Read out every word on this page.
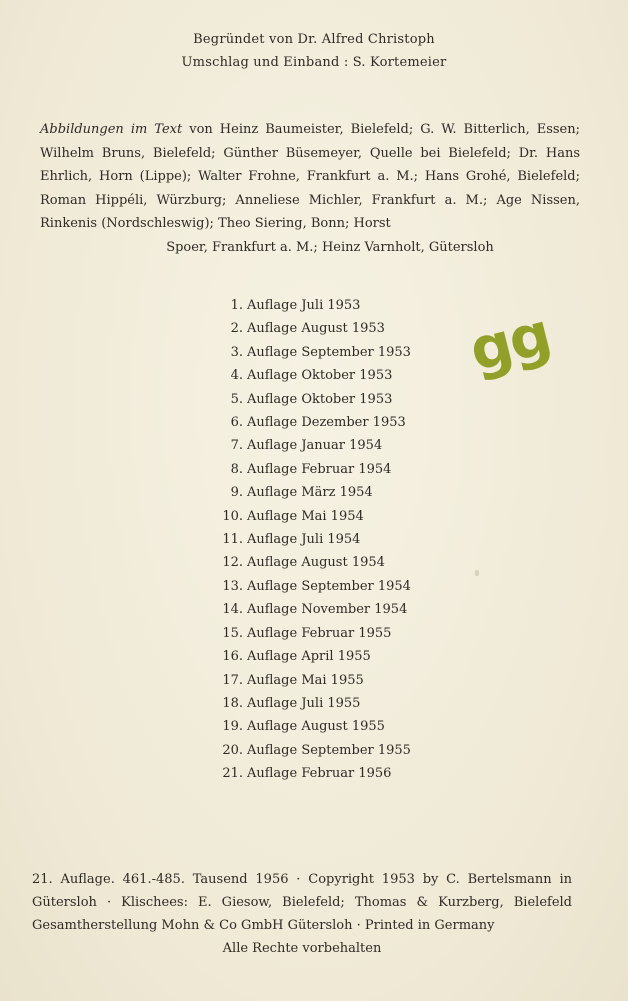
Begründet von Dr. Alfred Christoph
Umschlag und Einband : S. Kortemeier
Abbildungen im Text von Heinz Baumeister, Bielefeld; G. W. Bitterlich, Essen; Wilhelm Bruns, Bielefeld; Günther Büsemeyer, Quelle bei Bielefeld; Dr. Hans Ehrlich, Horn (Lippe); Walter Frohne, Frankfurt a. M.; Hans Grohé, Bielefeld; Roman Hippéli, Würzburg; Anneliese Michler, Frankfurt a. M.; Age Nissen, Rinkenis (Nordschleswig); Theo Siering, Bonn; Horst
Spoer, Frankfurt a. M.; Heinz Varnholt, Gütersloh
1. Auflage Juli 1953
2. Auflage August 1953
3. Auflage September 1953
4. Auflage Oktober 1953
5. Auflage Oktober 1953
6. Auflage Dezember 1953
7. Auflage Januar 1954
8. Auflage Februar 1954
9. Auflage März 1954
10. Auflage Mai 1954
11. Auflage Juli 1954
12. Auflage August 1954
13. Auflage September 1954
14. Auflage November 1954
15. Auflage Februar 1955
16. Auflage April 1955
17. Auflage Mai 1955
18. Auflage Juli 1955
19. Auflage August 1955
20. Auflage September 1955
21. Auflage Februar 1956
gg
21. Auflage. 461.-485. Tausend 1956 · Copyright 1953 by C. Bertelsmann in Gütersloh · Klischees: E. Giesow, Bielefeld; Thomas & Kurzberg, Bielefeld Gesamtherstellung Mohn & Co GmbH Gütersloh · Printed in Germany
Alle Rechte vorbehalten
